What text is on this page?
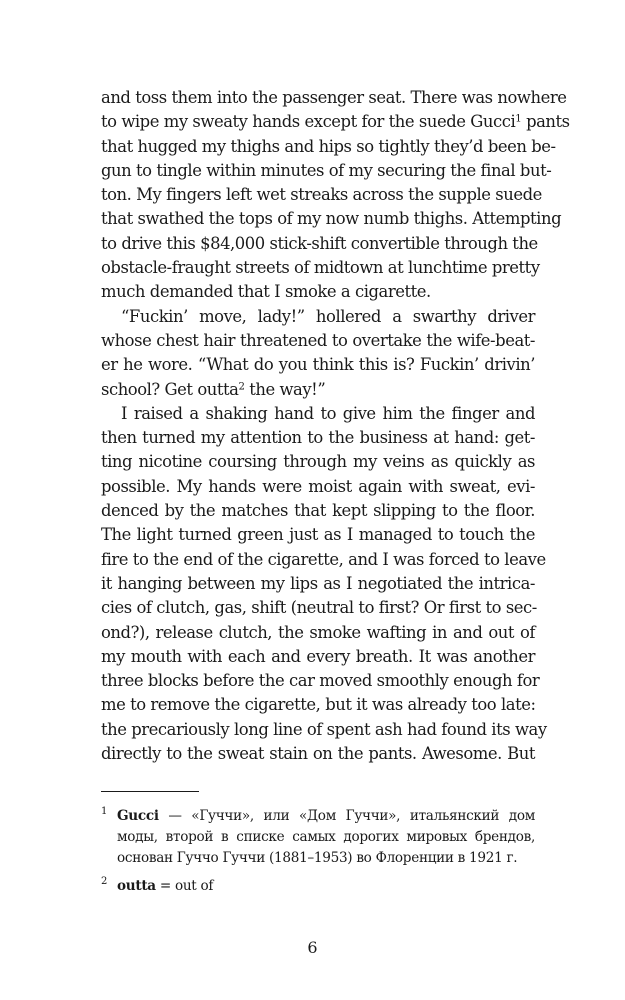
and toss them into the passenger seat. There was nowhere
to wipe my sweaty hands except for the suede Gucci$^1$ pants
that hugged my thighs and hips so tightly they’d been be-
gun to tingle within minutes of my securing the final but-
ton. My fingers left wet streaks across the supple suede
that swathed the tops of my now numb thighs. Attempting
to drive this $84,000 stick-shift convertible through the
obstacle-fraught streets of midtown at lunchtime pretty
much demanded that I smoke a cigarette.
“Fuckin’ move, lady!” hollered a swarthy driver
whose chest hair threatened to overtake the wife-beat-
er he wore. “What do you think this is? Fuckin’ drivin’
school? Get outta$^2$ the way!”
I raised a shaking hand to give him the finger and
then turned my attention to the business at hand: get-
ting nicotine coursing through my veins as quickly as
possible. My hands were moist again with sweat, evi-
denced by the matches that kept slipping to the floor.
The light turned green just as I managed to touch the
fire to the end of the cigarette, and I was forced to leave
it hanging between my lips as I negotiated the intrica-
cies of clutch, gas, shift (neutral to first? Or first to sec-
ond?), release clutch, the smoke wafting in and out of
my mouth with each and every breath. It was another
three blocks before the car moved smoothly enough for
me to remove the cigarette, but it was already too late:
the precariously long line of spent ash had found its way
directly to the sweat stain on the pants. Awesome. But
1 Gucci — «Гуччи», или «Дом Гуччи», итальянский дом
моды, второй в списке самых дорогих мировых брендов,
основан Гуччо Гуччи (1881–1953) во Флоренции в 1921 г.
2 outta = out of
6
